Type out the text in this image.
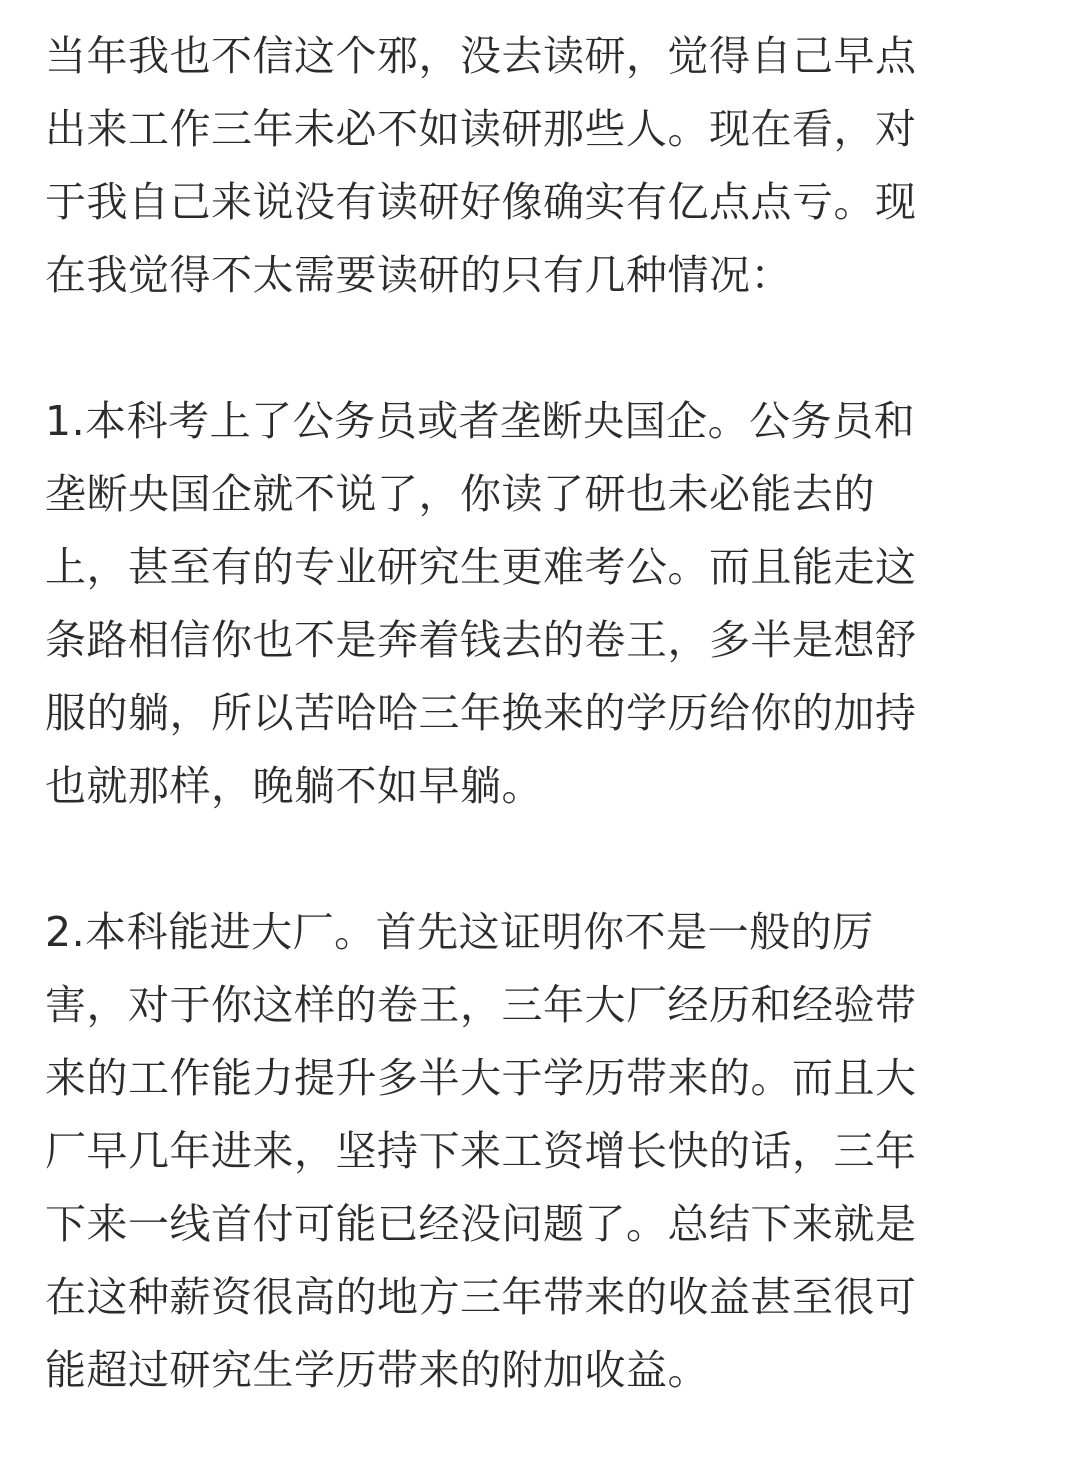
当年我也不信这个邪，没去读研，觉得自己早点
出来工作三年未必不如读研那些人。现在看，对
于我自己来说没有读研好像确实有亿点点亏。现
在我觉得不太需要读研的只有几种情况：
1.本科考上了公务员或者垄断央国企。公务员和
垄断央国企就不说了，你读了研也未必能去的
上，甚至有的专业研究生更难考公。而且能走这
条路相信你也不是奔着钱去的卷王，多半是想舒
服的躺，所以苦哈哈三年换来的学历给你的加持
也就那样，晚躺不如早躺。
2.本科能进大厂。首先这证明你不是一般的厉
害，对于你这样的卷王，三年大厂经历和经验带
来的工作能力提升多半大于学历带来的。而且大
厂早几年进来，坚持下来工资增长快的话，三年
下来一线首付可能已经没问题了。总结下来就是
在这种薪资很高的地方三年带来的收益甚至很可
能超过研究生学历带来的附加收益。
